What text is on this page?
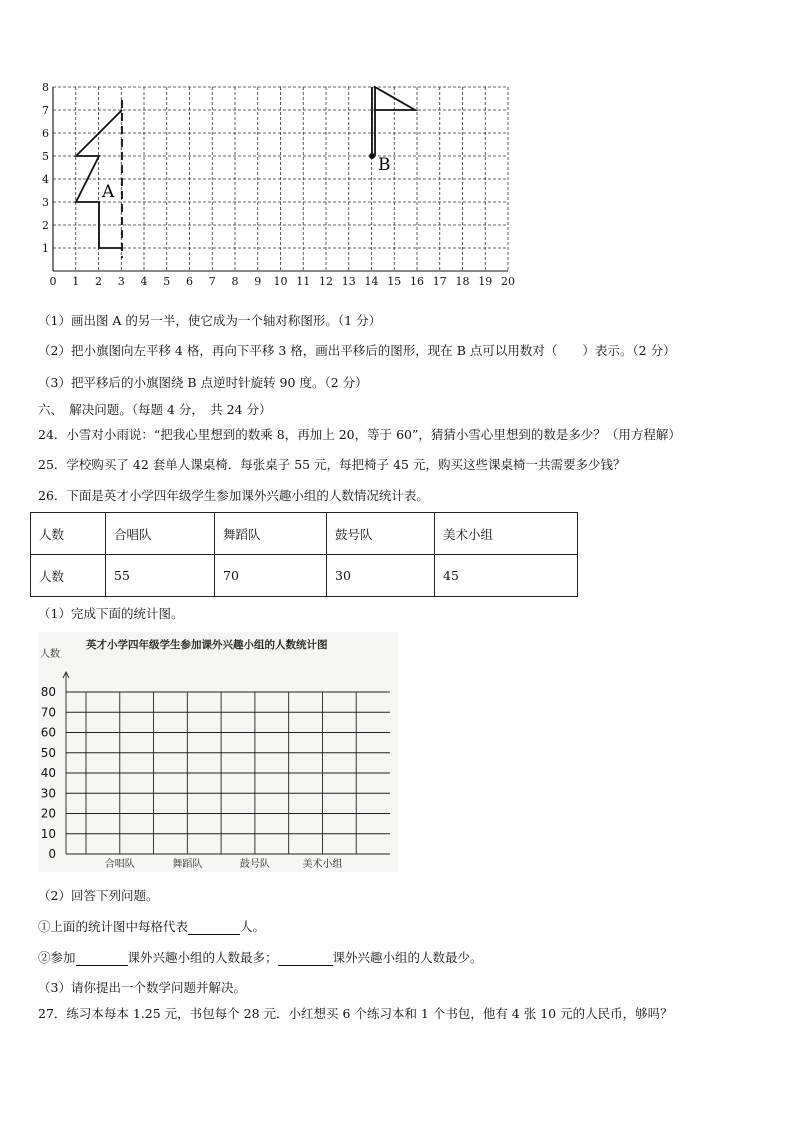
1
2
3
4
5
6
7
8
0 1 2 3 4 5 6 7 8 9 10 11 12 13 14 15 16 17 18 19 20
A
B
（1）画出图 A 的另一半，使它成为一个轴对称图形。（1 分）
（2）把小旗图向左平移 4 格，再向下平移 3 格，画出平移后的图形，现在 B 点可以用数对（　　）表示。（2 分）
（3）把平移后的小旗图绕 B 点逆时针旋转 90 度。（2 分）
六、　解决问题。（每题 4 分，　共 24 分）
24．小雪对小雨说：“把我心里想到的数乘 8，再加上 20，等于 60”，猜猜小雪心里想到的数是多少？（用方程解）
25．学校购买了 42 套单人课桌椅．每张桌子 55 元，每把椅子 45 元，购买这些课桌椅一共需要多少钱？
26．下面是英才小学四年级学生参加课外兴趣小组的人数情况统计表。
人数	合唱队	舞蹈队	鼓号队	美术小组
人数	55	70	30	45
（1）完成下面的统计图。
英才小学四年级学生参加课外兴趣小组的人数统计图
人数
0
10
20
30
40
50
60
70
80
合唱队	舞蹈队	鼓号队	美术小组
（2）回答下列问题。
①上面的统计图中每格代表	人。
②参加	课外兴趣小组的人数最多；	课外兴趣小组的人数最少。
（3）请你提出一个数学问题并解决。
27．练习本每本 1.25 元，书包每个 28 元．小红想买 6 个练习本和 1 个书包，他有 4 张 10 元的人民币，够吗？
